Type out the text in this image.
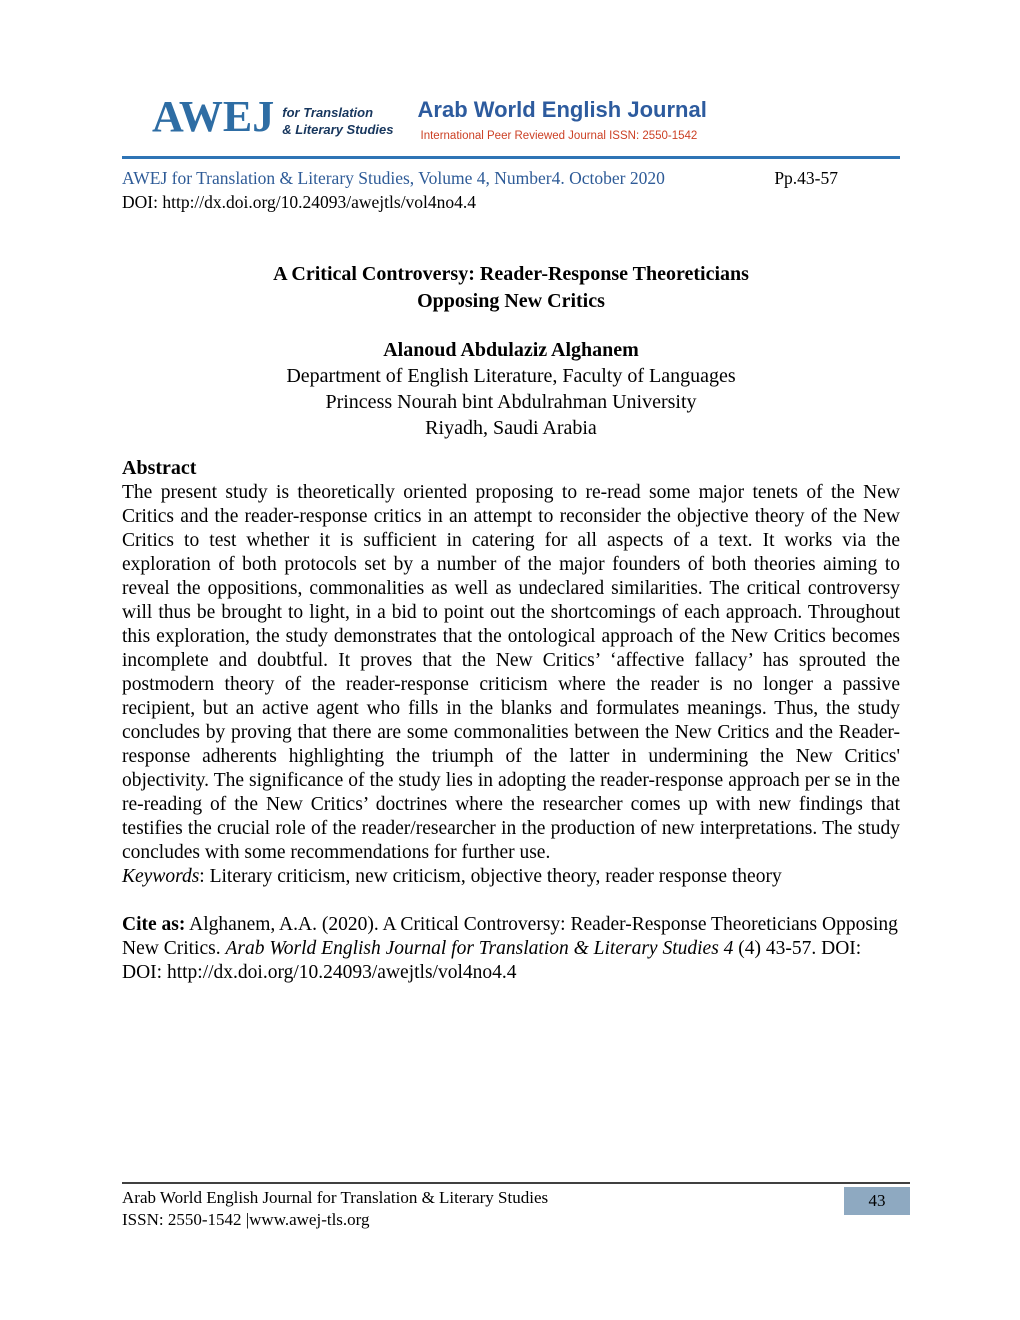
AWEJ for Translation
& Literary Studies
Arab World English Journal
International Peer Reviewed Journal ISSN: 2550-1542
AWEJ for Translation & Literary Studies, Volume 4, Number4. October 2020	Pp.43-57
DOI: http://dx.doi.org/10.24093/awejtls/vol4no4.4
A Critical Controversy: Reader-Response Theoreticians
Opposing New Critics
Alanoud Abdulaziz Alghanem
Department of English Literature, Faculty of Languages
Princess Nourah bint Abdulrahman University
Riyadh, Saudi Arabia
Abstract
The present study is theoretically oriented proposing to re-read some major tenets of the New Critics and the reader-response critics in an attempt to reconsider the objective theory of the New Critics to test whether it is sufficient in catering for all aspects of a text. It works via the exploration of both protocols set by a number of the major founders of both theories aiming to reveal the oppositions, commonalities as well as undeclared similarities. The critical controversy will thus be brought to light, in a bid to point out the shortcomings of each approach. Throughout this exploration, the study demonstrates that the ontological approach of the New Critics becomes incomplete and doubtful. It proves that the New Critics’ ‘affective fallacy’ has sprouted the postmodern theory of the reader-response criticism where the reader is no longer a passive recipient, but an active agent who fills in the blanks and formulates meanings. Thus, the study concludes by proving that there are some commonalities between the New Critics and the Reader-response adherents highlighting the triumph of the latter in undermining the New Critics' objectivity. The significance of the study lies in adopting the reader-response approach per se in the re-reading of the New Critics’ doctrines where the researcher comes up with new findings that testifies the crucial role of the reader/researcher in the production of new interpretations. The study concludes with some recommendations for further use.
Keywords: Literary criticism, new criticism, objective theory, reader response theory
Cite as: Alghanem, A.A. (2020). A Critical Controversy: Reader-Response Theoreticians Opposing New Critics. Arab World English Journal for Translation & Literary Studies 4 (4) 43-57. DOI: DOI: http://dx.doi.org/10.24093/awejtls/vol4no4.4
Arab World English Journal for Translation & Literary Studies
ISSN: 2550-1542 |www.awej-tls.org
43
